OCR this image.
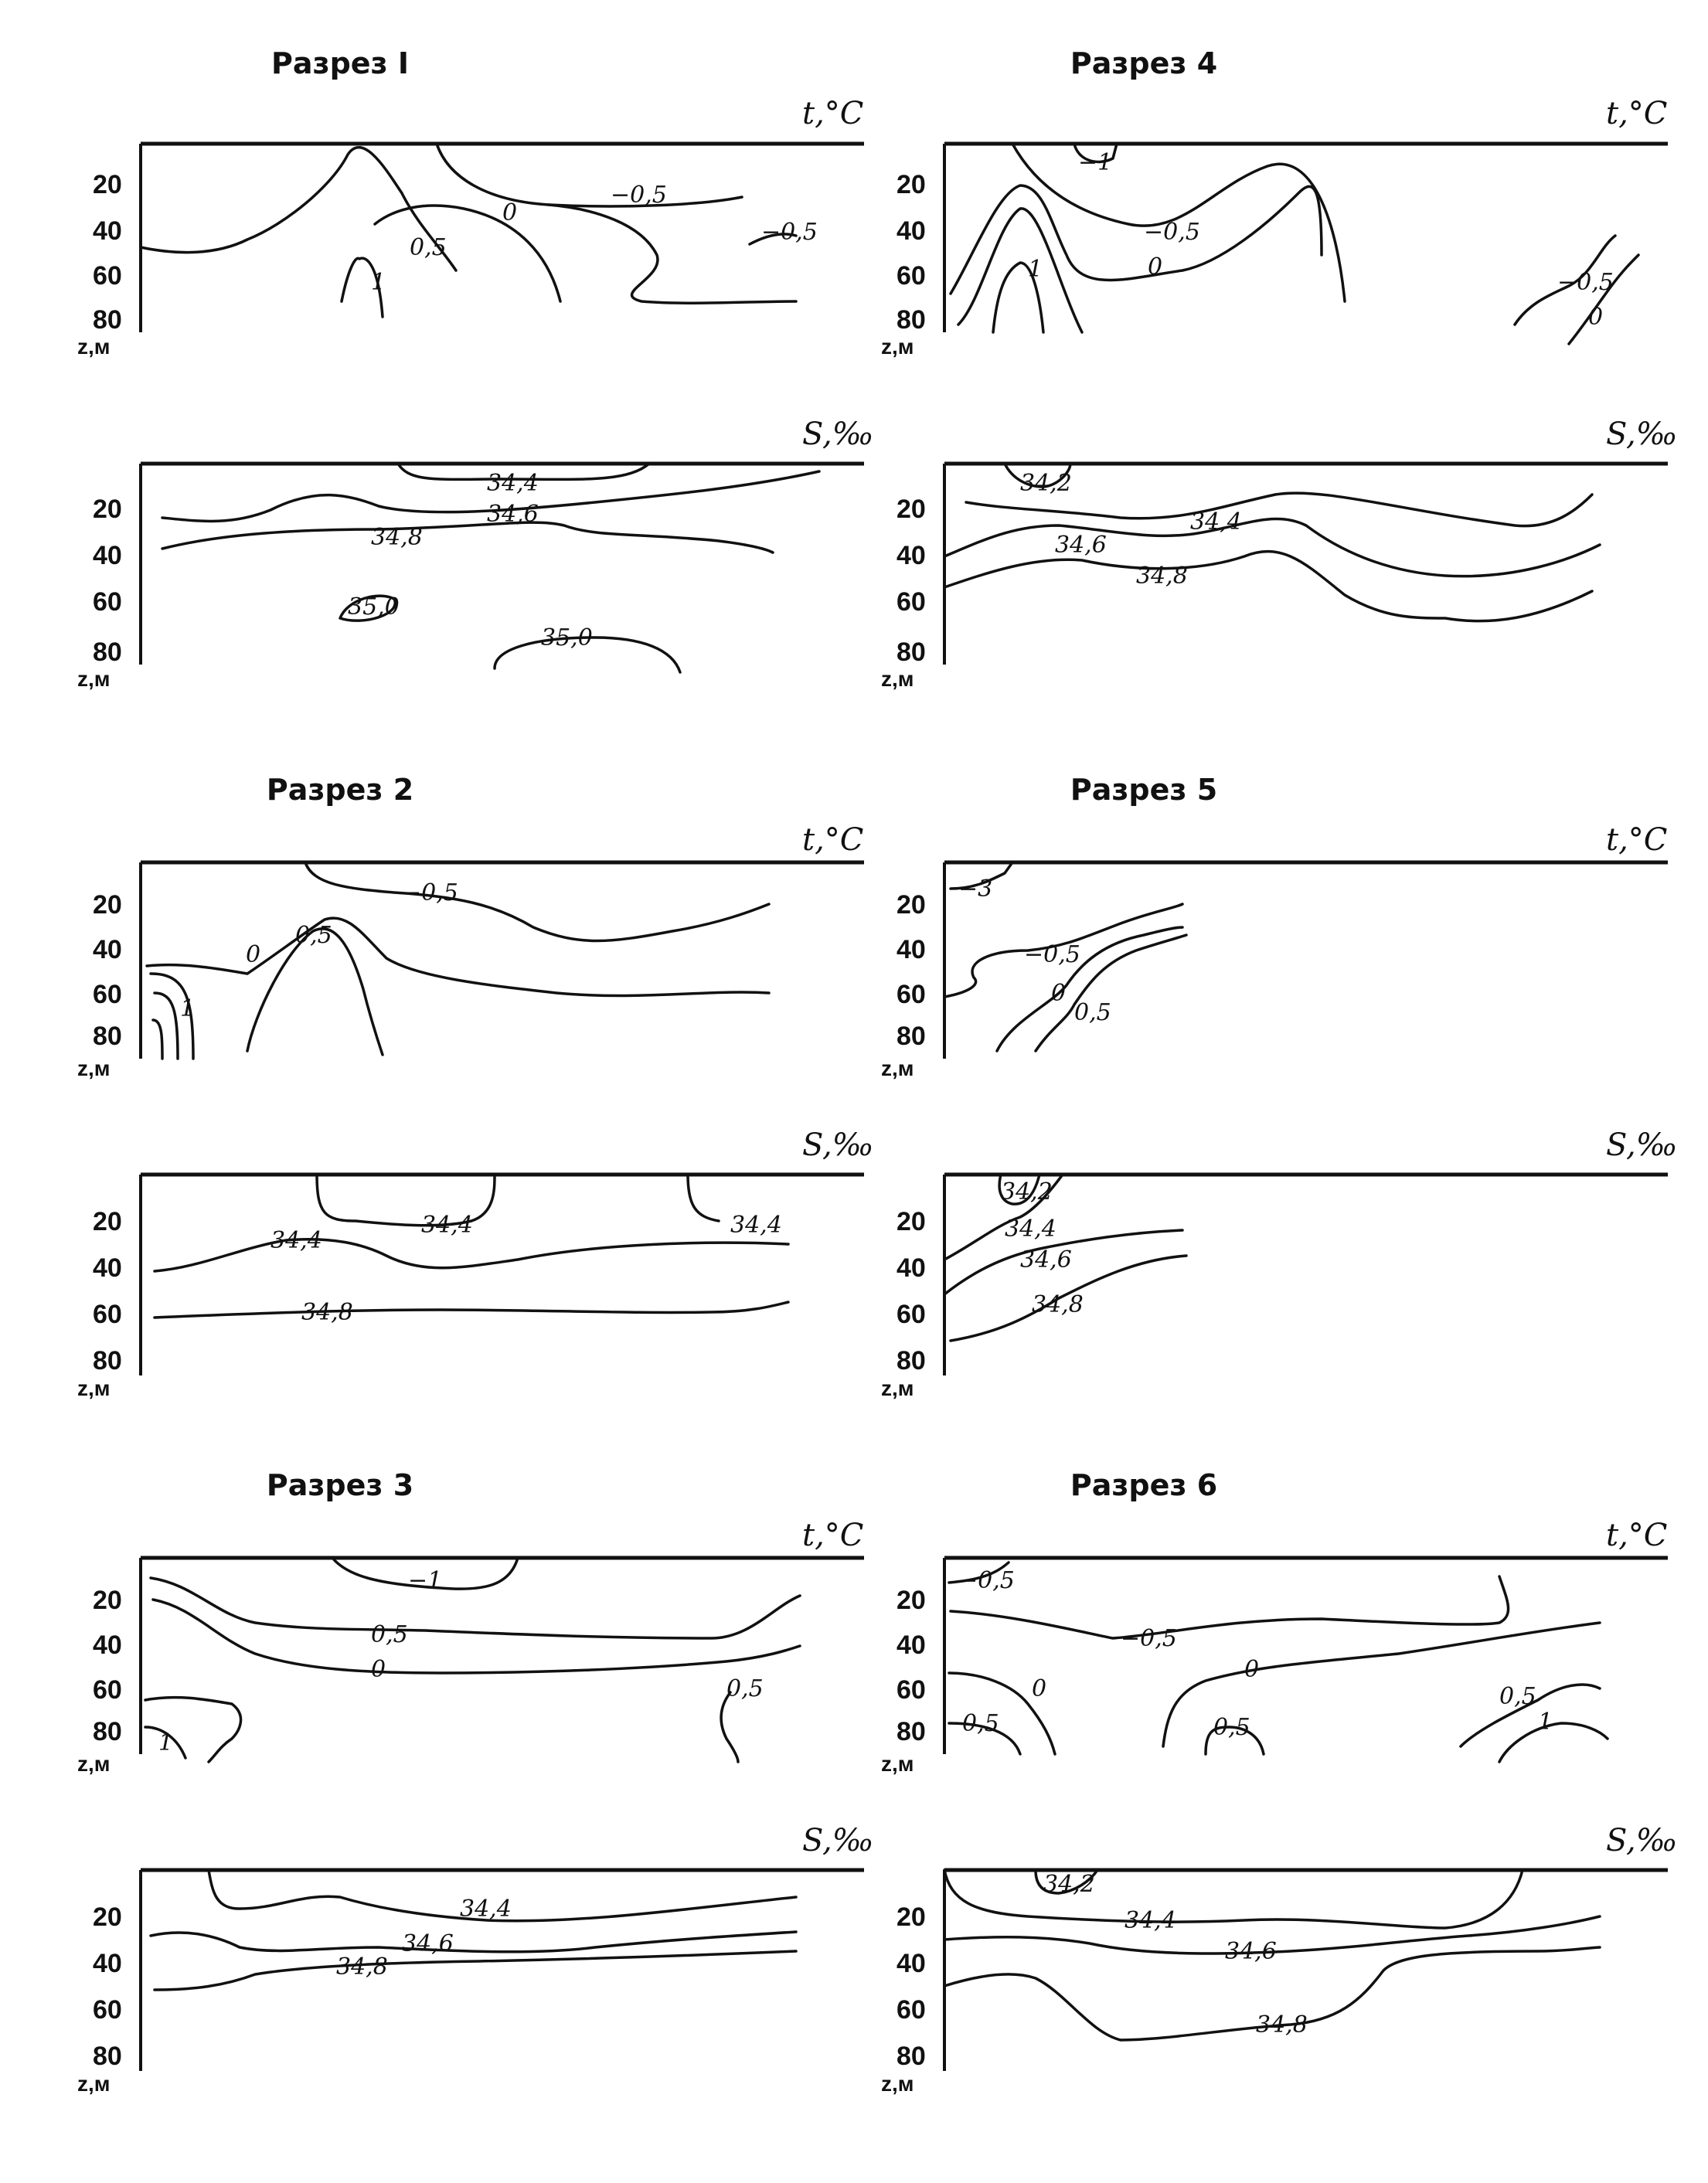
Разрез I
t,°C
20
40
60
80
z,м
−0,5
0
0,5
1
−0,5
S,‰
20
40
60
80
z,м
34,4
34,6
34,8
35,0
35,0
Разрез 4
t,°C
20
40
60
80
z,м
−1
−0,5
0
1	−0,5
0
S,‰
20
40
60
80
z,м
34,2
34,4
34,6
34,8
Разрез 2
t,°C
20
40
60
80
z,м
−0,5
0
0,5
1
S,‰
20
40
60
80
z,м
34,4	34,4
34,4
34,8
Разрез 5
t,°C
20
40
60
80
z,м
−3
−0,5
0
0,5
S,‰
20
40
60
80
z,м
34,2
34,4
34,6
34,8
Разрез 3
t,°C
20
40
60
80
z,м
−1
0,5
0
0,5
1
S,‰
20
40
60
80
z,м
34,4
34,6
34,8
Разрез 6
t,°C
20
40
60
80
z,м
−0,5
−0,5
0
0
0,5	0,5
0,5
1
S,‰
20
40
60
80
z,м
34,2
34,4
34,6
34,8
